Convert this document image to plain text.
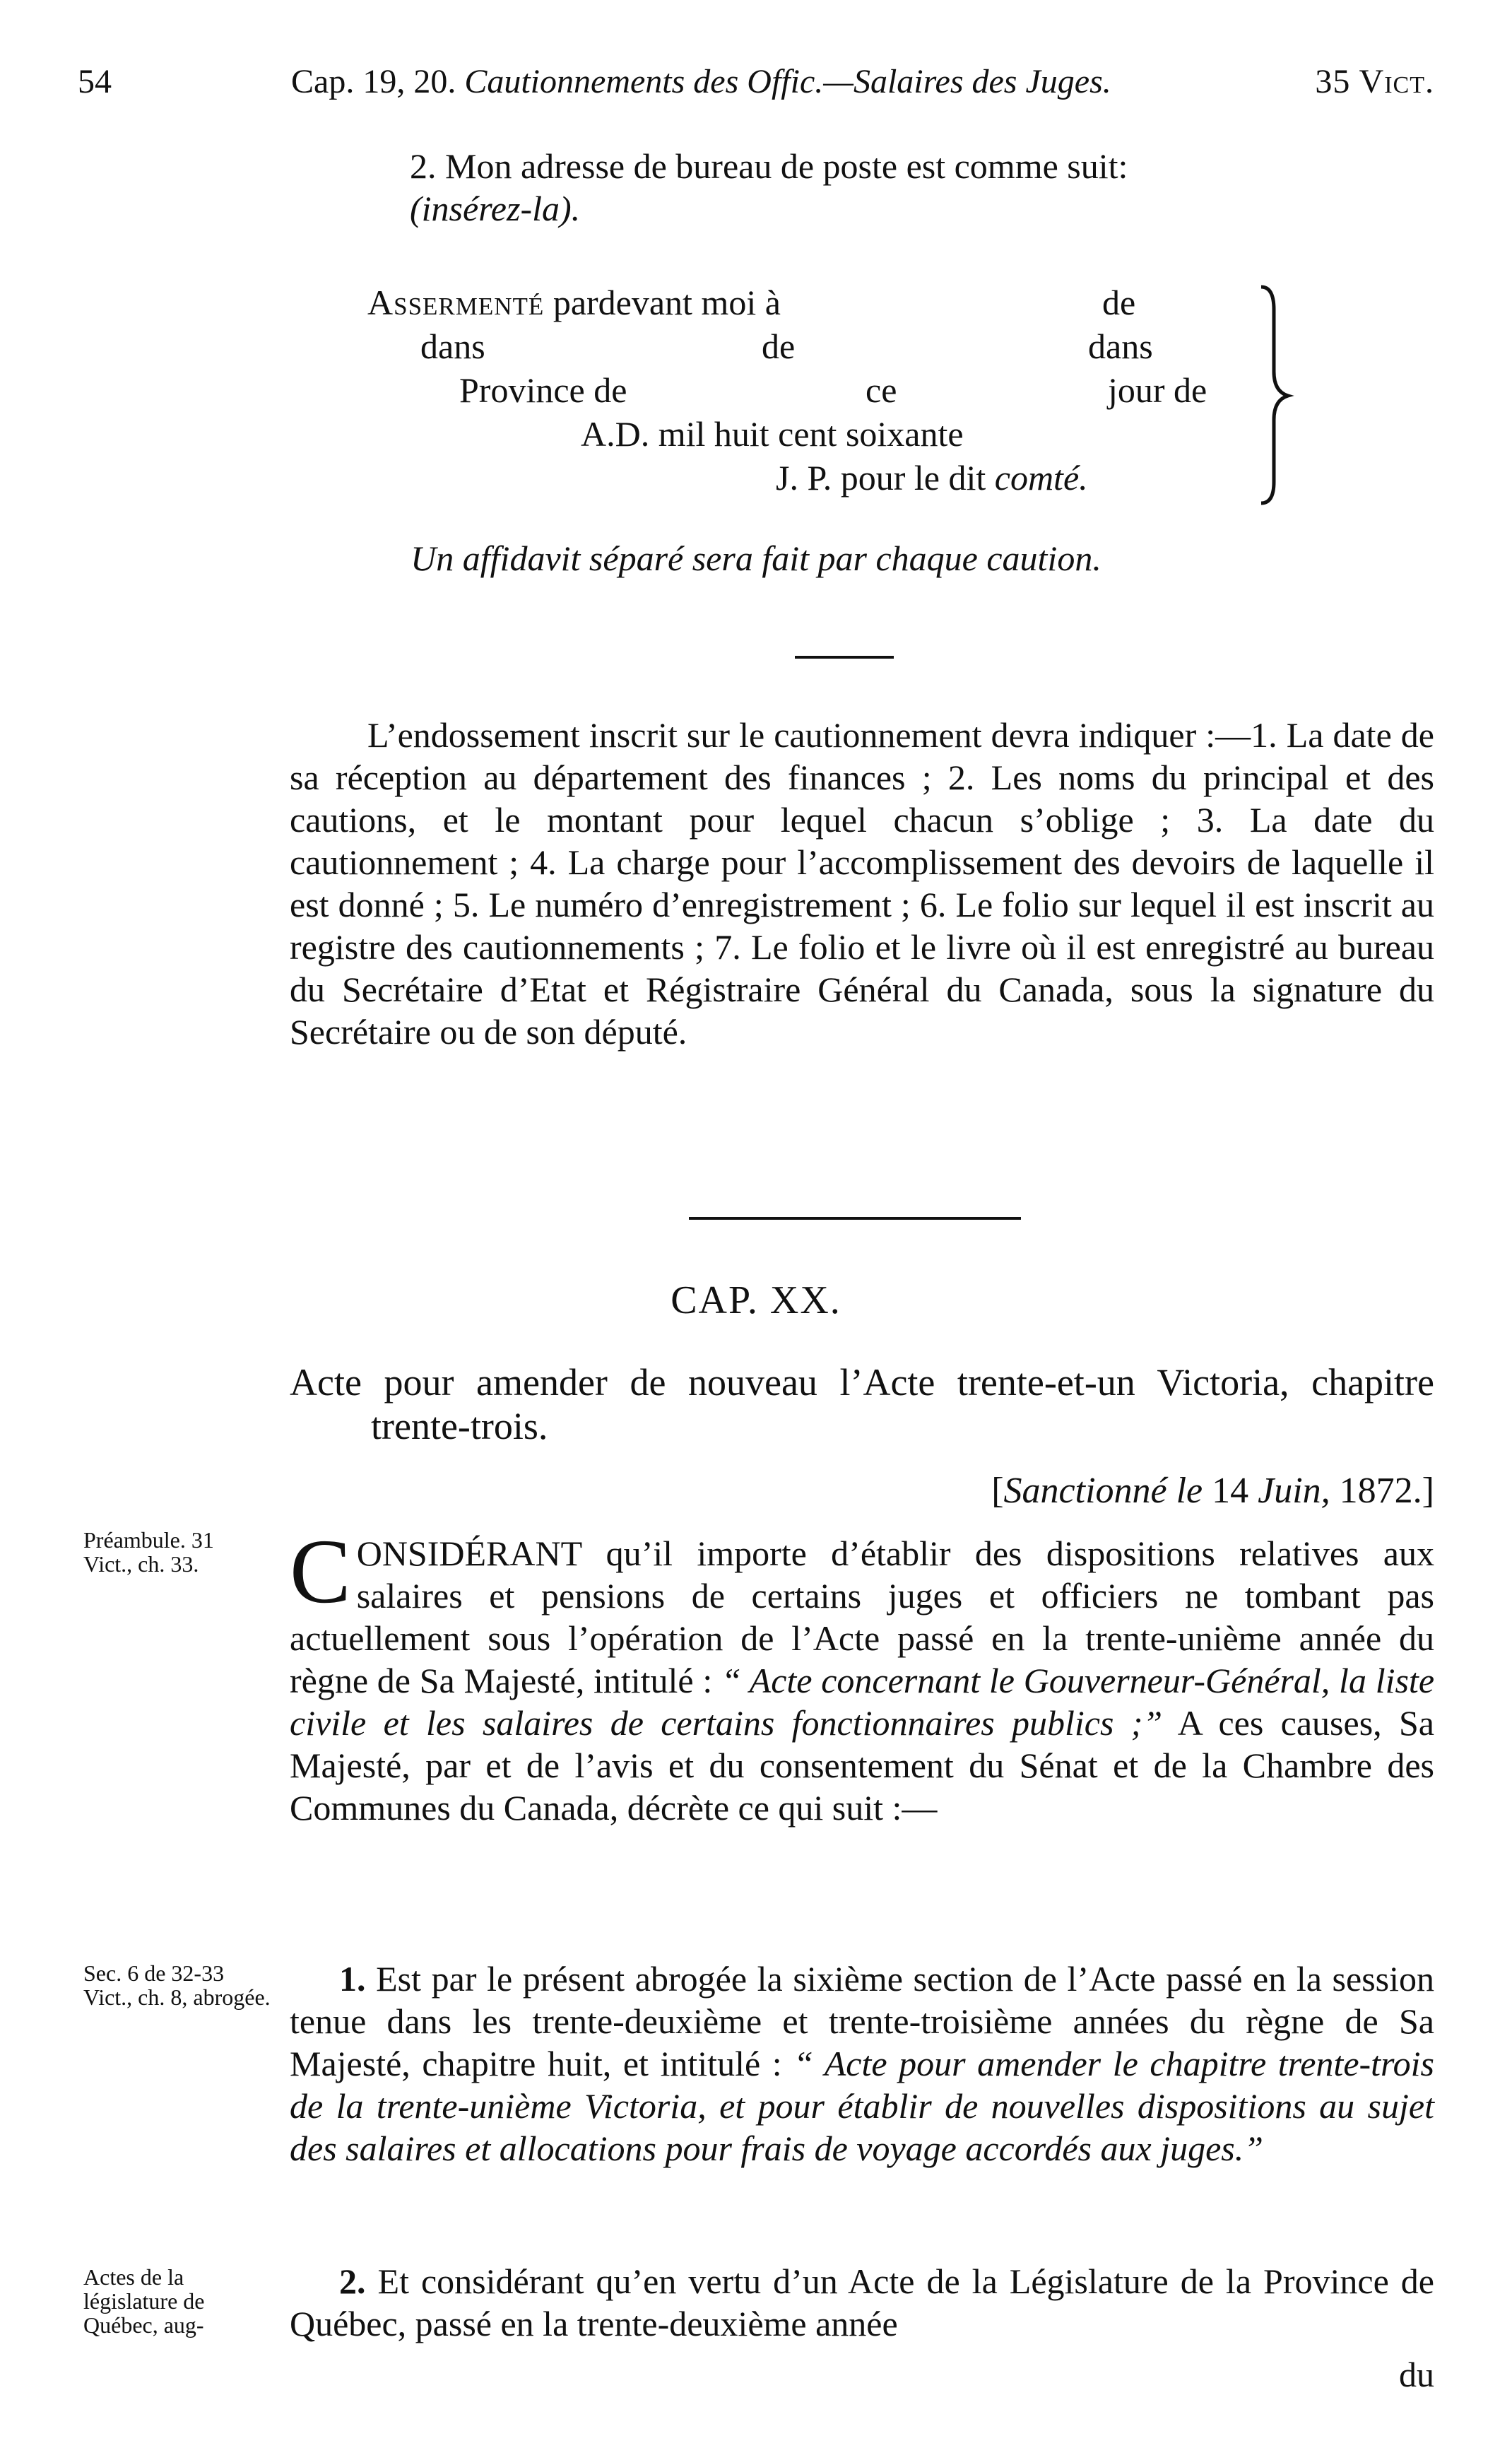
54	Cap. 19, 20. Cautionnements des Offic.—Salaires des Juges.	35 Vict.
2. Mon adresse de bureau de poste est comme suit:
(insérez-la).
Assermenté pardevant moi à	de
dans	de	dans
Province de	ce	jour de
A.D. mil huit cent soixante
J. P. pour le dit comté.
Un affidavit séparé sera fait par chaque caution.
L’endossement inscrit sur le cautionnement devra indiquer :—1. La date de sa réception au département des finances ; 2. Les noms du principal et des cautions, et le montant pour lequel chacun s’oblige ; 3. La date du cautionnement ; 4. La charge pour l’accomplissement des devoirs de laquelle il est donné ; 5. Le numéro d’enregistrement ; 6. Le folio sur lequel il est inscrit au registre des cautionnements ; 7. Le folio et le livre où il est enregistré au bureau du Secrétaire d’Etat et Régistraire Général du Canada, sous la signature du Secrétaire ou de son député.
CAP. XX.
Acte pour amender de nouveau l’Acte trente-et-un Victoria, chapitre trente-trois.
[Sanctionné le 14 Juin, 1872.]
Préambule. 31 Vict., ch. 33. C ONSIDÉRANT qu’il importe d’établir des dispositions relatives aux salaires et pensions de certains juges et officiers ne tombant pas actuellement sous l’opération de l’Acte passé en la trente-unième année du règne de Sa Majesté, intitulé : “ Acte concernant le Gouverneur-Général, la liste civile et les salaires de certains fonctionnaires publics ;” A ces causes, Sa Majesté, par et de l’avis et du consentement du Sénat et de la Chambre des Communes du Canada, décrète ce qui suit :—
Sec. 6 de 32-33 Vict., ch. 8, abrogée.	1. Est par le présent abrogée la sixième section de l’Acte passé en la session tenue dans les trente-deuxième et trente-troisième années du règne de Sa Majesté, chapitre huit, et intitulé : “ Acte pour amender le chapitre trente-trois de la trente-unième Victoria, et pour établir de nouvelles dispositions au sujet des salaires et allocations pour frais de voyage accordés aux juges.”
Actes de la législature de Québec, aug-
2. Et considérant qu’en vertu d’un Acte de la Législature de la Province de Québec, passé en la trente-deuxième année
du
